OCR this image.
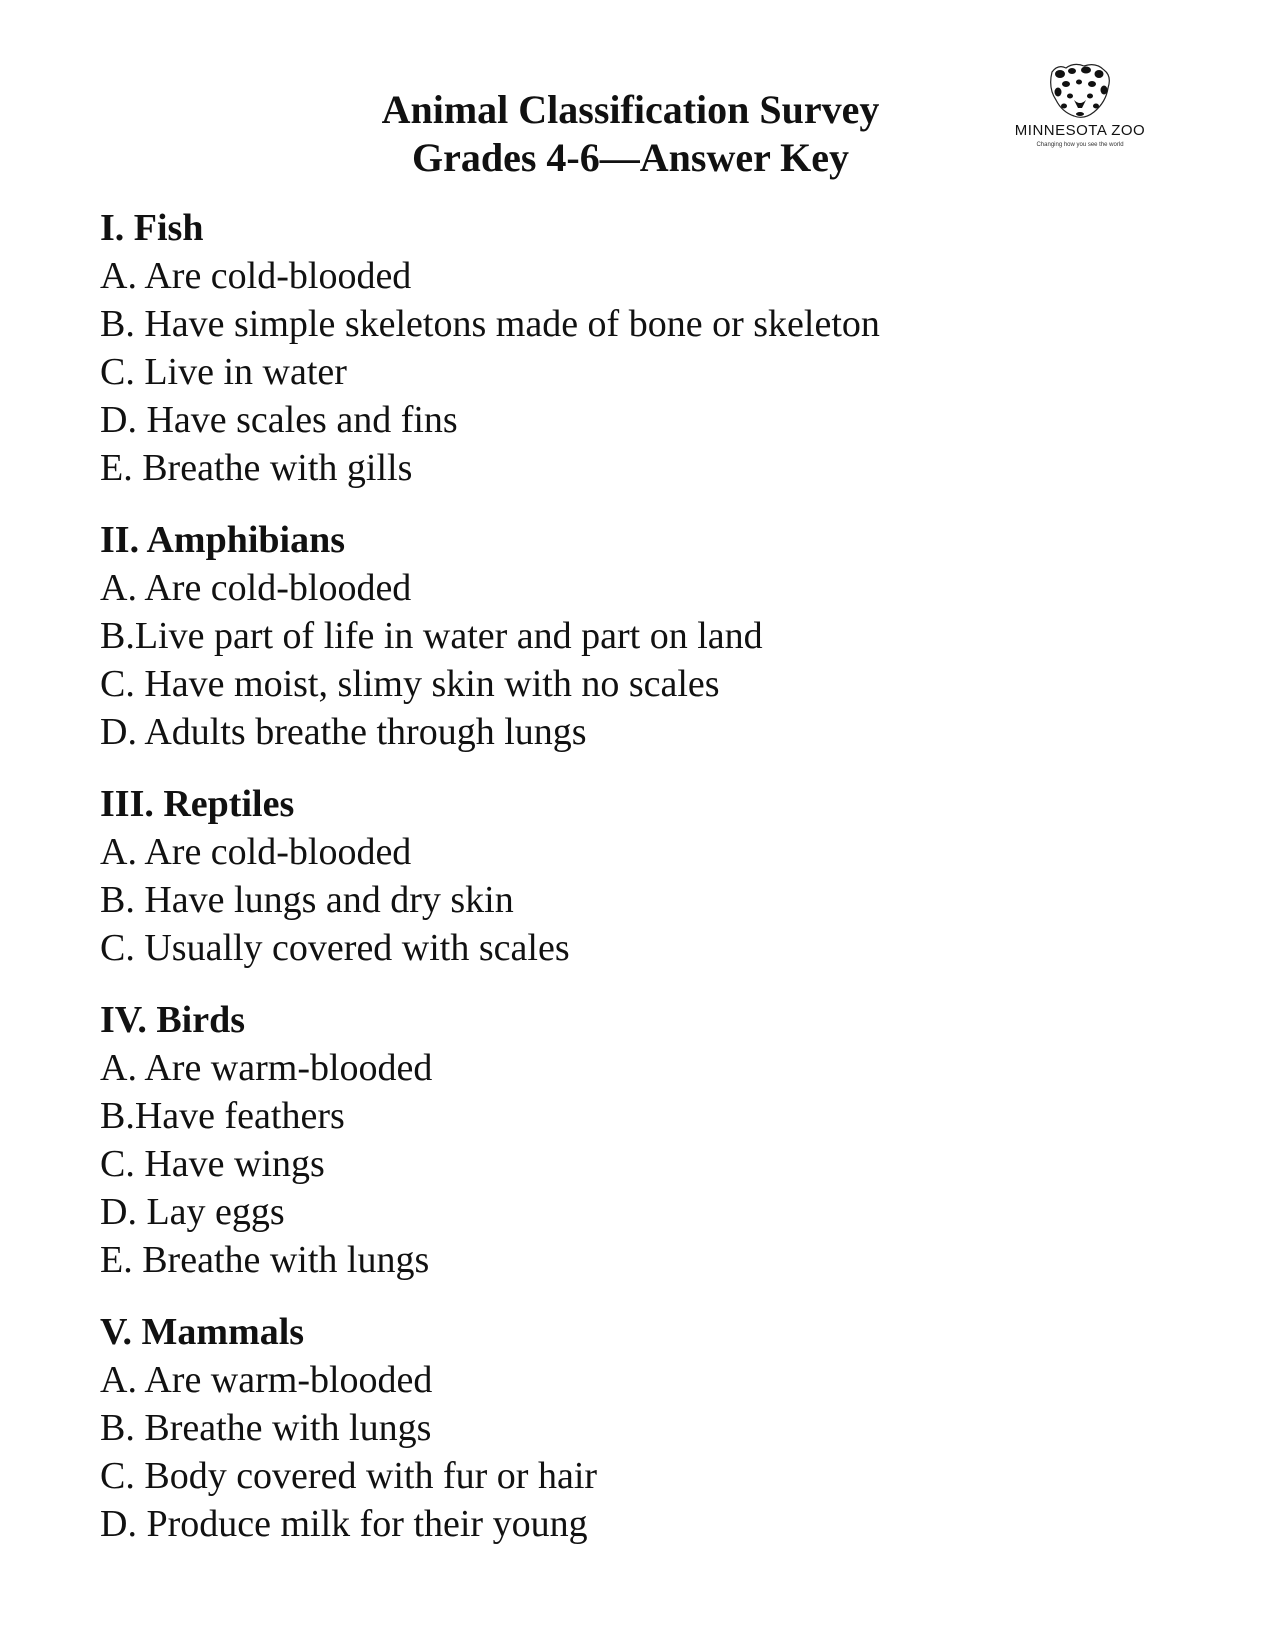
Animal Classification Survey

Grades 4-6—Answer Key

MINNESOTA ZOO
Changing how you see the world

I. Fish

A. Are cold-blooded

B. Have simple skeletons made of bone or skeleton

C. Live in water

D. Have scales and fins

E. Breathe with gills

II. Amphibians

A. Are cold-blooded

B.Live part of life in water and part on land

C. Have moist, slimy skin with no scales

D. Adults breathe through lungs

III. Reptiles

A. Are cold-blooded

B. Have lungs and dry skin

C. Usually covered with scales

IV. Birds

A. Are warm-blooded

B.Have feathers

C. Have wings

D. Lay eggs

E. Breathe with lungs

V. Mammals

A. Are warm-blooded

B. Breathe with lungs

C. Body covered with fur or hair

D. Produce milk for their young
